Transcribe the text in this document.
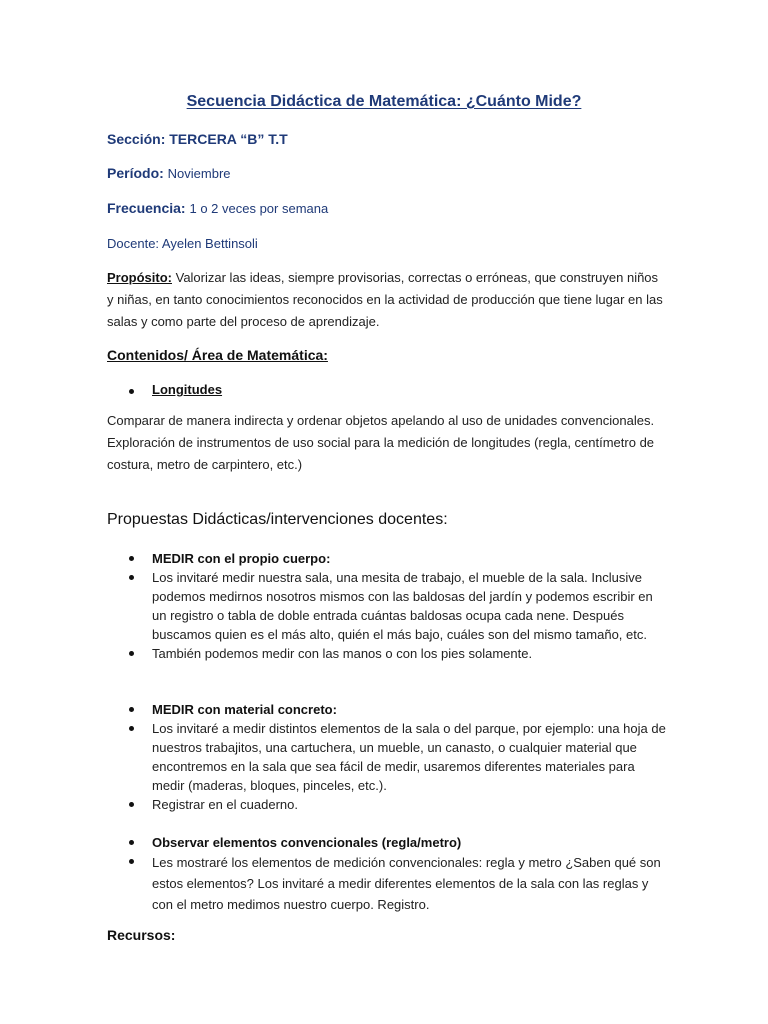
Secuencia Didáctica de Matemática: ¿Cuánto Mide?
Sección: TERCERA “B” T.T
Período: Noviembre
Frecuencia: 1 o 2 veces por semana
Docente: Ayelen Bettinsoli
Propósito: Valorizar las ideas, siempre provisorias, correctas o erróneas, que construyen niños y niñas, en tanto conocimientos reconocidos en la actividad de producción que tiene lugar en las salas y como parte del proceso de aprendizaje.
Contenidos/ Área de Matemática:
Longitudes
Comparar de manera indirecta y ordenar objetos apelando al uso de unidades convencionales. Exploración de instrumentos de uso social para la medición de longitudes (regla, centímetro de costura, metro de carpintero, etc.)
Propuestas Didácticas/intervenciones docentes:
MEDIR con el propio cuerpo:
Los invitaré medir nuestra sala, una mesita de trabajo, el mueble de la sala. Inclusive podemos medirnos nosotros mismos con las baldosas del jardín y podemos escribir en un registro o tabla de doble entrada cuántas baldosas ocupa cada nene. Después buscamos quien es el más alto, quién el más bajo, cuáles son del mismo tamaño, etc.
También podemos medir con las manos o con los pies solamente.
MEDIR con material concreto:
Los invitaré a medir distintos elementos de la sala o del parque, por ejemplo: una hoja de nuestros trabajitos, una cartuchera, un mueble, un canasto, o cualquier material que encontremos en la sala que sea fácil de medir, usaremos diferentes materiales para medir (maderas, bloques, pinceles, etc.).
Registrar en el cuaderno.
Observar elementos convencionales (regla/metro)
Les mostraré los elementos de medición convencionales: regla y metro ¿Saben qué son estos elementos? Los invitaré a medir diferentes elementos de la sala con las reglas y con el metro medimos nuestro cuerpo. Registro.
Recursos:
